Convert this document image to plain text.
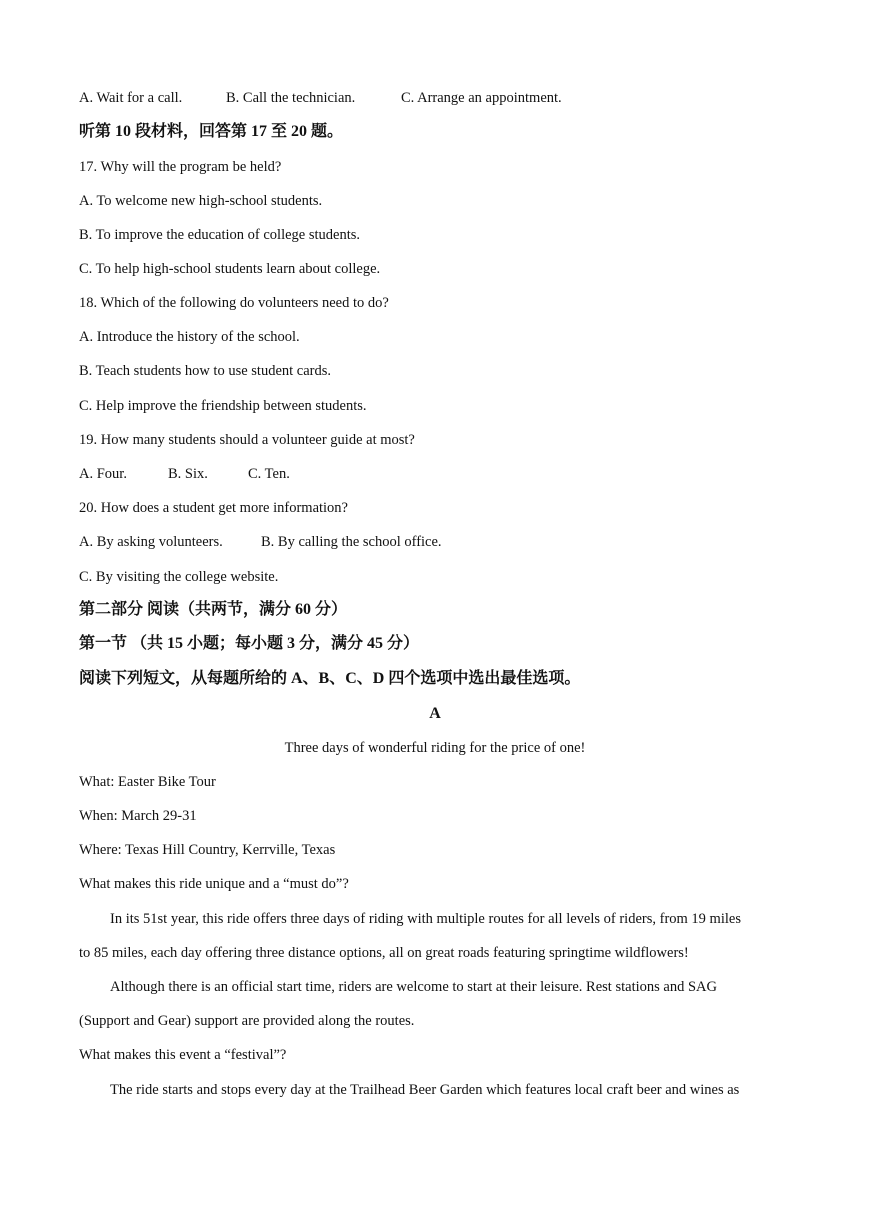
A. Wait for a call.	B. Call the technician.	C. Arrange an appointment.
听第 10 段材料，回答第 17 至 20 题。
17. Why will the program be held?
A. To welcome new high-school students.
B. To improve the education of college students.
C. To help high-school students learn about college.
18. Which of the following do volunteers need to do?
A. Introduce the history of the school.
B. Teach students how to use student cards.
C. Help improve the friendship between students.
19. How many students should a volunteer guide at most?
A. Four.	B. Six.	C. Ten.
20. How does a student get more information?
A. By asking volunteers.	B. By calling the school office.
C. By visiting the college website.
第二部分 阅读（共两节，满分 60 分）
第一节 （共 15 小题；每小题 3 分，满分 45 分）
阅读下列短文，从每题所给的 A、B、C、D 四个选项中选出最佳选项。
A
Three days of wonderful riding for the price of one!
What: Easter Bike Tour
When: March 29-31
Where: Texas Hill Country, Kerrville, Texas
What makes this ride unique and a “must do”?
In its 51st year, this ride offers three days of riding with multiple routes for all levels of riders, from 19 miles
to 85 miles, each day offering three distance options, all on great roads featuring springtime wildflowers!
Although there is an official start time, riders are welcome to start at their leisure. Rest stations and SAG
(Support and Gear) support are provided along the routes.
What makes this event a “festival”?
The ride starts and stops every day at the Trailhead Beer Garden which features local craft beer and wines as
